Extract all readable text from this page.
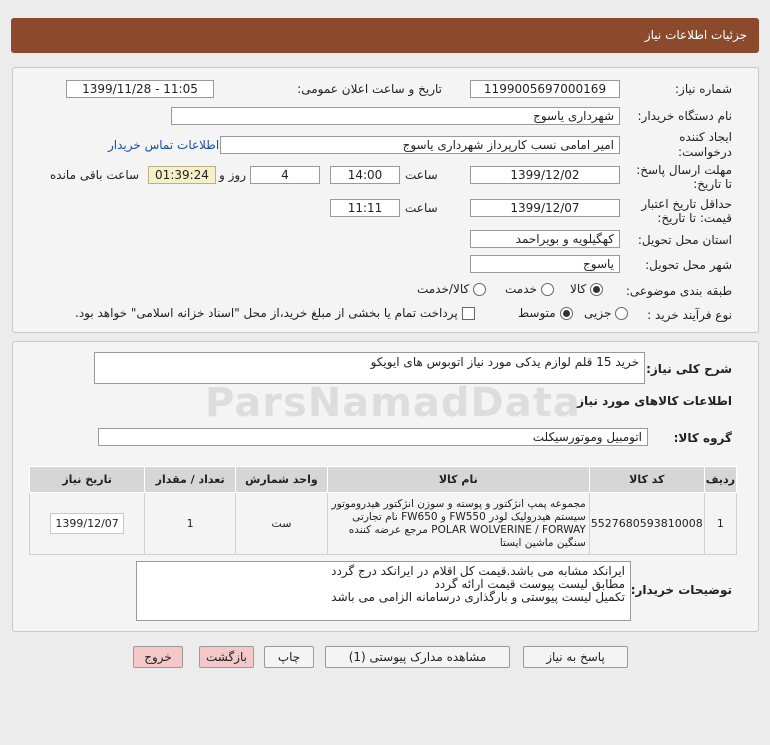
جزئیات اطلاعات نیاز
شماره نیاز:
1199005697000169
تاریخ و ساعت اعلان عمومی:
1399/11/28 - 11:05
نام دستگاه خریدار:
شهرداری یاسوج
ایجاد کننده
درخواست:
امیر امامی نسب کارپرداز شهرداری یاسوج
اطلاعات تماس خریدار
مهلت ارسال پاسخ:
تا تاریخ:
1399/12/02
ساعت
14:00
4
روز و
01:39:24
ساعت باقی مانده
حداقل تاریخ اعتبار
قیمت: تا تاریخ:
1399/12/07
ساعت
11:11
استان محل تحویل:
کهگیلویه و بویراحمد
شهر محل تحویل:
یاسوج
طبقه بندی موضوعی:
کالا
خدمت
کالا/خدمت
نوع فرآیند خرید :
جزیی
متوسط
پرداخت تمام یا بخشی از مبلغ خرید،از محل "اسناد خزانه اسلامی" خواهد بود.
شرح کلی نیاز:
خرید 15 قلم لوازم یدکی مورد نیاز اتوبوس های ایویکو
ParsNamadData
اطلاعات کالاهای مورد نیاز
گروه کالا:
اتومبیل وموتورسیکلت
ردیف	کد کالا	نام کالا	واحد شمارش	تعداد / مقدار	تاریخ نیاز
1	5527680593810008	مجموعه پمپ انژکتور و پوسته و سوزن انژکتور هیدروموتور سیستم هیدرولیک لودر FW550 و FW650 نام تجارتی POLAR WOLVERINE / FORWAY مرجع عرضه کننده سنگین ماشین ایستا	ست	1	1399/12/07
توضیحات خریدار:
ایرانکد مشابه می باشد.قیمت کل اقلام در ایرانکد درج گردد
مطابق لیست پیوست قیمت ارائه گردد
تکمیل لیست پیوستی و بارگذاری درسامانه الزامی می باشد
پاسخ به نیاز
مشاهده مدارک پیوستی (1)
چاپ
بازگشت
خروج
